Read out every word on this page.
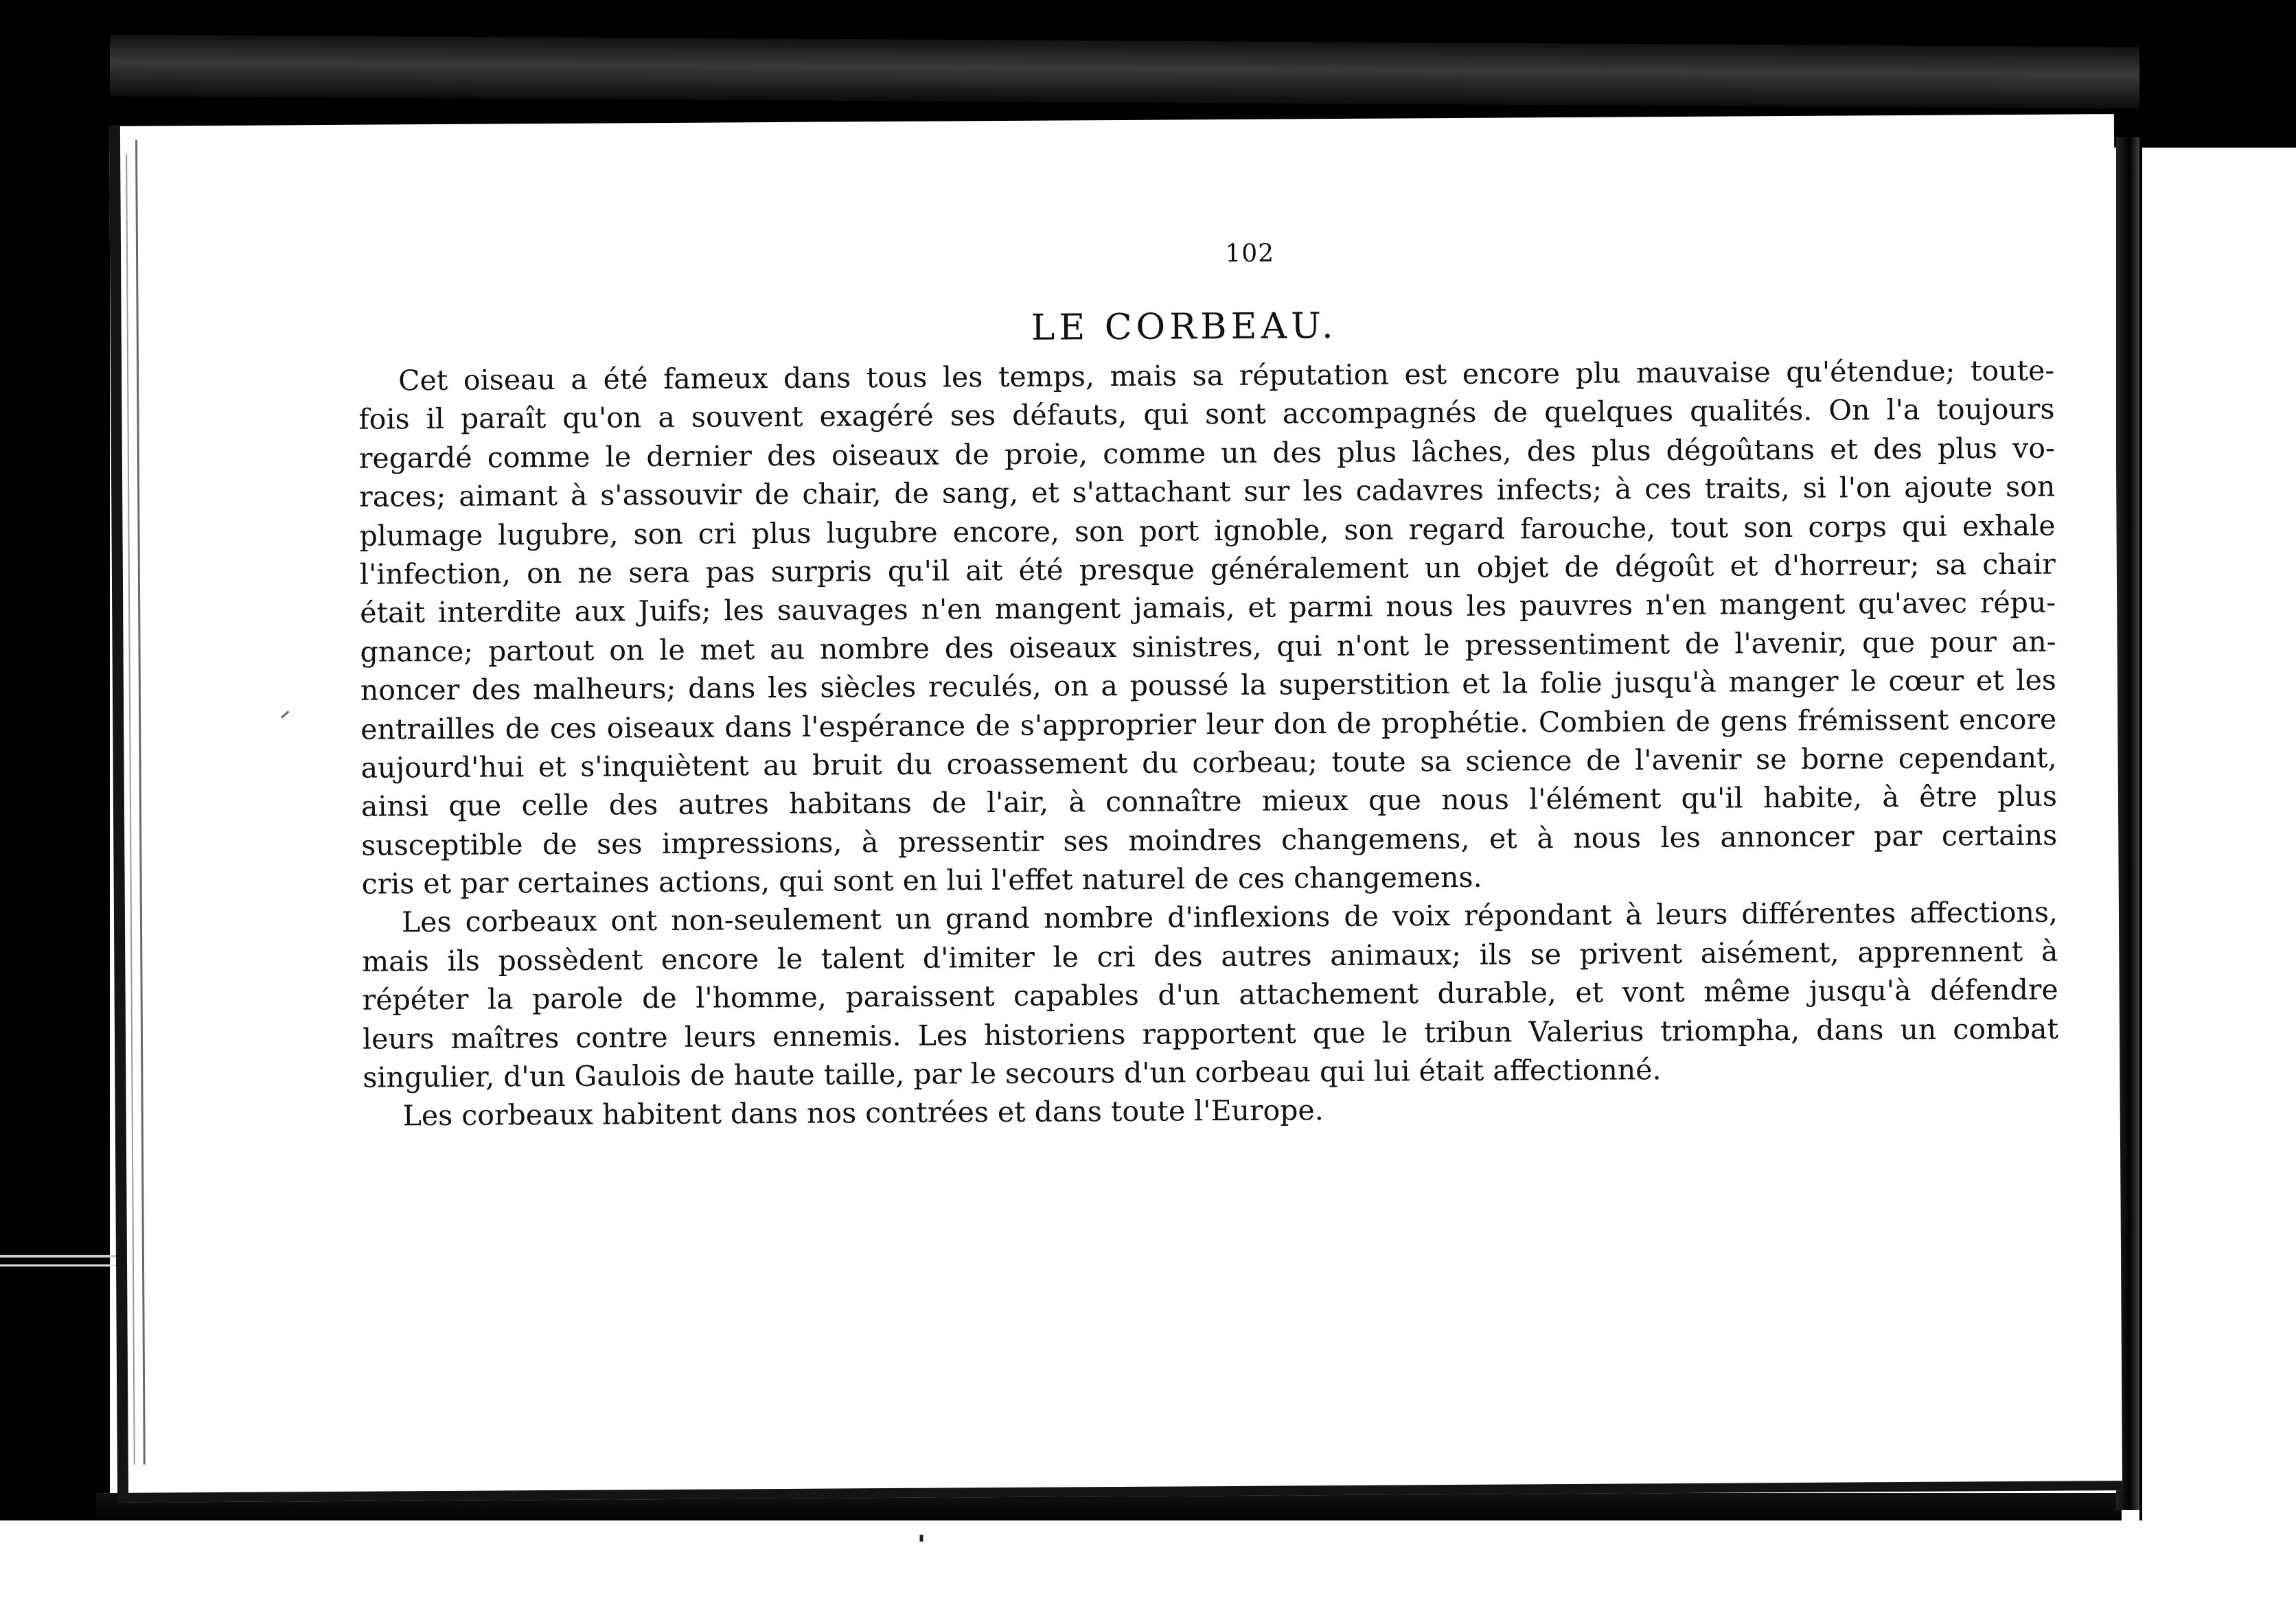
102
LE CORBEAU.
Cet oiseau a été fameux dans tous les temps, mais sa réputation est encore plu mauvaise qu'étendue; toute-
fois il paraît qu'on a souvent exagéré ses défauts, qui sont accompagnés de quelques qualités. On l'a toujours
regardé comme le dernier des oiseaux de proie, comme un des plus lâches, des plus dégoûtans et des plus vo-
races; aimant à s'assouvir de chair, de sang, et s'attachant sur les cadavres infects; à ces traits, si l'on ajoute son
plumage lugubre, son cri plus lugubre encore, son port ignoble, son regard farouche, tout son corps qui exhale
l'infection, on ne sera pas surpris qu'il ait été presque généralement un objet de dégoût et d'horreur; sa chair
était interdite aux Juifs; les sauvages n'en mangent jamais, et parmi nous les pauvres n'en mangent qu'avec répu-
gnance; partout on le met au nombre des oiseaux sinistres, qui n'ont le pressentiment de l'avenir, que pour an-
noncer des malheurs; dans les siècles reculés, on a poussé la superstition et la folie jusqu'à manger le cœur et les
entrailles de ces oiseaux dans l'espérance de s'approprier leur don de prophétie. Combien de gens frémissent encore
aujourd'hui et s'inquiètent au bruit du croassement du corbeau; toute sa science de l'avenir se borne cependant,
ainsi que celle des autres habitans de l'air, à connaître mieux que nous l'élément qu'il habite, à être plus
susceptible de ses impressions, à pressentir ses moindres changemens, et à nous les annoncer par certains
cris et par certaines actions, qui sont en lui l'effet naturel de ces changemens.
Les corbeaux ont non-seulement un grand nombre d'inflexions de voix répondant à leurs différentes affections,
mais ils possèdent encore le talent d'imiter le cri des autres animaux; ils se privent aisément, apprennent à
répéter la parole de l'homme, paraissent capables d'un attachement durable, et vont même jusqu'à défendre
leurs maîtres contre leurs ennemis. Les historiens rapportent que le tribun Valerius triompha, dans un combat
singulier, d'un Gaulois de haute taille, par le secours d'un corbeau qui lui était affectionné.
Les corbeaux habitent dans nos contrées et dans toute l'Europe.
